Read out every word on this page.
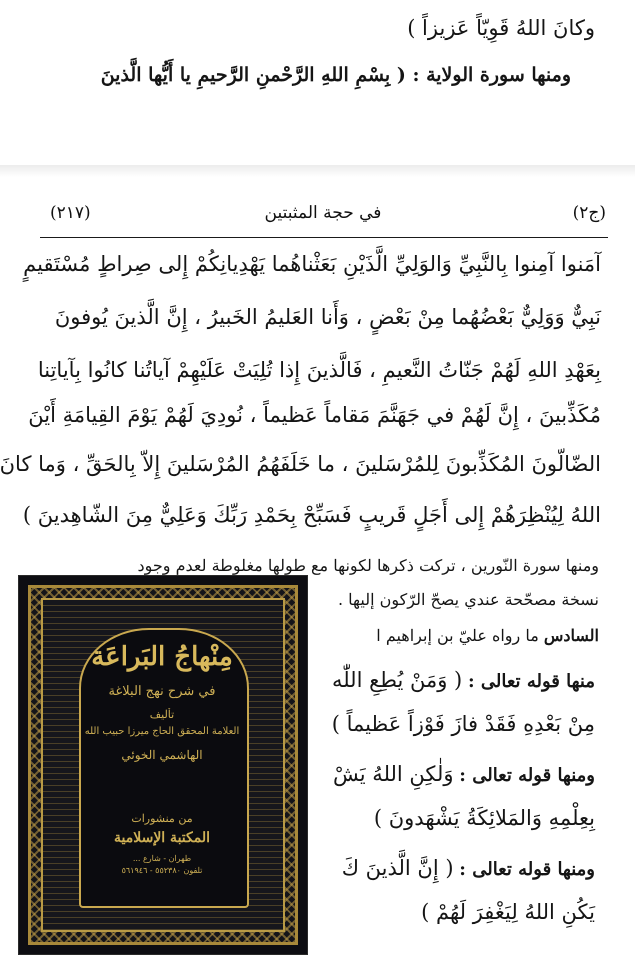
وكانَ اللهُ قَوِيّاً عَزيزاً )
ومنها سورة الولاية : ( بِسْمِ اللهِ الرَّحْمنِ الرَّحيمِ يا أَيُّها الَّذينَ
(ج٢)
في حجة المثبتين
(٢١٧)
آمَنوا آمِنوا بِالنَّبِيِّ وَالوَلِيِّ الَّذَيْنِ بَعَثْناهُما يَهْدِيانِكُمْ إِلى صِراطٍ مُسْتَقيمٍ
نَبِيٌّ وَوَلِيٌّ بَعْضُهُما مِنْ بَعْضٍ ، وَأَنا العَليمُ الخَبيرُ ، إِنَّ الَّذينَ يُوفونَ
بِعَهْدِ اللهِ لَهُمْ جَنّاتُ النَّعيمِ ، فَالَّذينَ إِذا تُلِيَتْ عَلَيْهِمْ آياتُنا كانُوا بِآياتِنا
مُكَذِّبينَ ، إِنَّ لَهُمْ في جَهَنَّمَ مَقاماً عَظيماً ، نُودِيَ لَهُمْ يَوْمَ القِيامَةِ أَيْنَ
الضّالّونَ المُكَذِّبونَ لِلمُرْسَلينَ ، ما خَلَفَهُمُ المُرْسَلينَ إِلاّ بِالحَقِّ ، وَما كانَ
اللهُ لِيُنْظِرَهُمْ إِلى أَجَلٍ قَريبٍ فَسَبِّحْ بِحَمْدِ رَبِّكَ وَعَلِيٌّ مِنَ الشّاهِدينَ )
ومنها سورة النّورين ، تركت ذكرها لكونها مع طولها مغلوطة لعدم وجود
نسخة مصحّحة عندي يصحّ الرّكون إليها .
السادس ما رواه عليّ بن إبراهيم ا
منها قوله تعالى : ( وَمَنْ يُطِعِ اللّٰه
مِنْ بَعْدِهِ فَقَدْ فازَ فَوْزاً عَظيماً )
ومنها قوله تعالى : وَلٰكِنِ اللهُ يَشْ
بِعِلْمِهِ وَالمَلائِكَةُ يَشْهَدونَ )
ومنها قوله تعالى : ( إِنَّ الَّذينَ كَ
يَكُنِ اللهُ لِيَغْفِرَ لَهُمْ )
مِنْهاجُ البَراعَة
في شرح نهج البلاغة
تأليف
العلامة المحقق الحاج ميرزا حبيب الله
الهاشمي الخوئي
من منشورات
المكتبة الإسلامية
طهران - شارع ...
تلفون ٥٥٢٣٨٠ - ٥٦١٩٤٦
